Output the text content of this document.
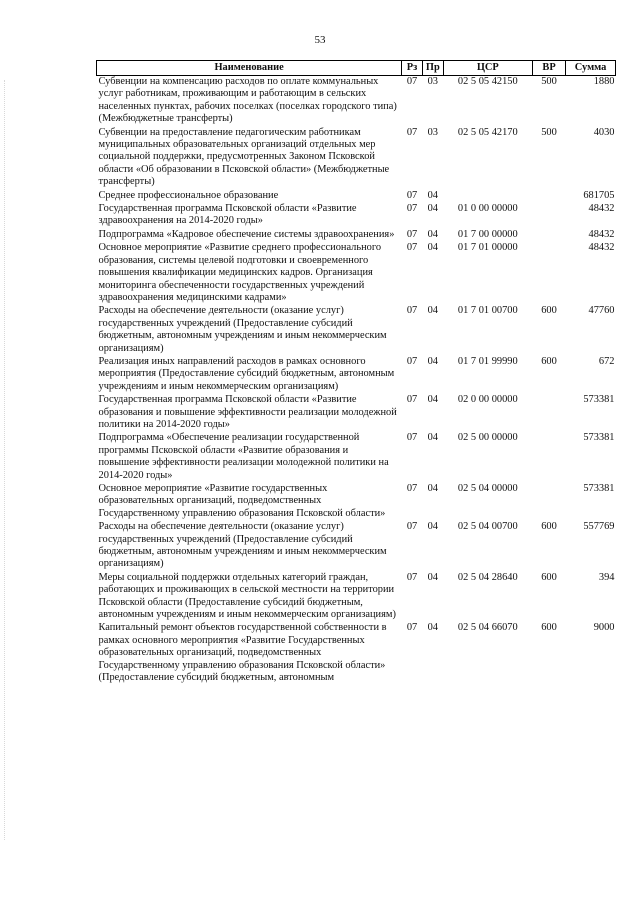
53
Наименование	Рз	Пр	ЦСР	ВР	Сумма
Субвенции на компенсацию расходов по оплате коммунальных услуг работникам, проживающим и работающим в сельских населенных пунктах, рабочих поселках (поселках городского типа) (Межбюджетные трансферты)	07	03	02 5 05 42150	500	1880
Субвенции на предоставление педагогическим работникам муниципальных образовательных организаций отдельных мер социальной поддержки, предусмотренных Законом Псковской области «Об образовании в Псковской области» (Межбюджетные трансферты)	07	03	02 5 05 42170	500	4030
Среднее профессиональное образование	07	04			681705
Государственная программа Псковской области «Развитие здравоохранения на 2014-2020 годы»	07	04	01 0 00 00000		48432
Подпрограмма «Кадровое обеспечение системы здравоохранения»	07	04	01 7 00 00000		48432
Основное мероприятие «Развитие среднего профессионального образования, системы целевой подготовки и своевременного повышения квалификации медицинских кадров. Организация мониторинга обеспеченности государственных учреждений здравоохранения медицинскими кадрами»	07	04	01 7 01 00000		48432
Расходы на обеспечение деятельности (оказание услуг) государственных учреждений (Предоставление субсидий бюджетным, автономным учреждениям и иным некоммерческим организациям)	07	04	01 7 01 00700	600	47760
Реализация иных направлений расходов в рамках основного мероприятия (Предоставление субсидий бюджетным, автономным учреждениям и иным некоммерческим организациям)	07	04	01 7 01 99990	600	672
Государственная программа Псковской области «Развитие образования и повышение эффективности реализации молодежной политики на 2014-2020 годы»	07	04	02 0 00 00000		573381
Подпрограмма «Обеспечение реализации государственной программы Псковской области «Развитие образования и повышение эффективности реализации молодежной политики на 2014-2020 годы»	07	04	02 5 00 00000		573381
Основное мероприятие «Развитие государственных образовательных организаций, подведомственных Государственному управлению образования Псковской области»	07	04	02 5 04 00000		573381
Расходы на обеспечение деятельности (оказание услуг) государственных учреждений (Предоставление субсидий бюджетным, автономным учреждениям и иным некоммерческим организациям)	07	04	02 5 04 00700	600	557769
Меры социальной поддержки отдельных категорий граждан, работающих и проживающих в сельской местности на территории Псковской области (Предоставление субсидий бюджетным, автономным учреждениям и иным некоммерческим организациям)	07	04	02 5 04 28640	600	394
Капитальный ремонт объектов государственной собственности в рамках основного мероприятия «Развитие Государственных образовательных организаций, подведомственных Государственному управлению образования Псковской области» (Предоставление субсидий бюджетным, автономным	07	04	02 5 04 66070	600	9000
